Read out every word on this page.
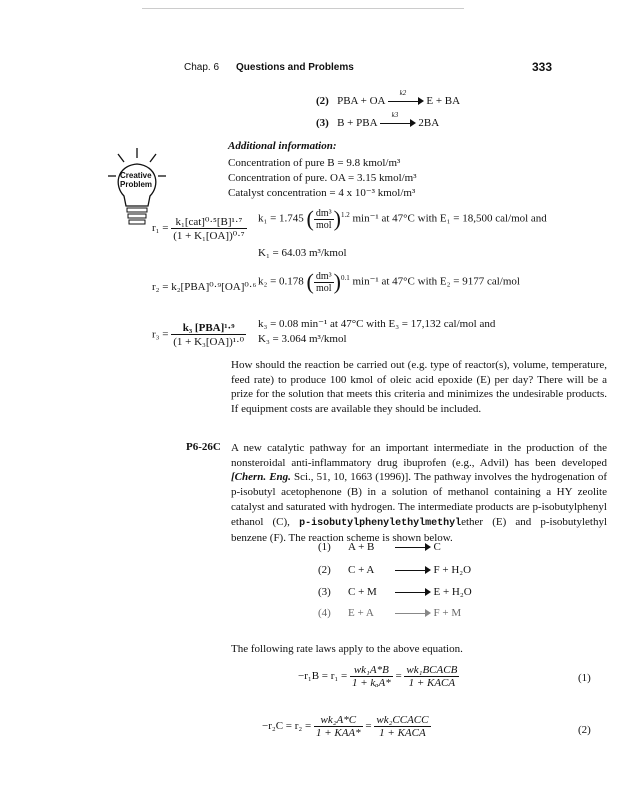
Chap. 6 Questions and Problems	333
(2) PBA + OA
k2
E + BA
(3) B + PBA
k3
2BA
Creative
Problem
Additional information:
Concentration of pure B = 9.8 kmol/m³
Concentration of pure. OA = 3.15 kmol/m³
Catalyst concentration = 4 x 10⁻³ kmol/m³
$r_1 = \frac{\text{k₁[cat]⁰·⁵[B]¹·⁷}}{\text{(1 + K₁[OA])⁰·⁷}} k_1 = 1.745$ ( $\frac{\text{dm³}}{\text{mol}} )^{1.2}$ min⁻¹ at 47°C with E₁ = 18,500 cal/mol and
K₁ = 64.03 m³/kmol
r₂ = k₂[PBA]⁰·⁹[OA]⁰·⁶ k₂ = 0.178 ( $\frac{\text{dm³}}{\text{mol}} )^{0.1}$ min⁻¹ at 47°C with E₂ = 9177 cal/mol
$r_3 = \frac{\text{k₃ [PBA]¹·⁹}}{\text{(1 + K₃[OA])¹·⁰}} k_3 = 0.08$ min⁻¹ at 47°C with E₃ = 17,132 cal/mol and
K₃ = 3.064 m³/kmol
How should the reaction be carried out (e.g. type of reactor(s), volume, temperature, feed rate) to produce 100 kmol of oleic acid epoxide (E) per day? There will be a prize for the solution that meets this criteria and minimizes the undesirable products. If equipment costs are available they should be included.
P6-26C A new catalytic pathway for an important intermediate in the production of the nonsteroidal anti-inflammatory drug ibuprofen (e.g., Advil) has been developed [Chern. Eng. Sci., 51, 10, 1663 (1996)]. The pathway involves the hydrogenation of p-isobutyl acetophenone (B) in a solution of methanol containing a HY zeolite catalyst and saturated with hydrogen. The intermediate products are p-isobutylphenyl ethanol (C), p-isobutylphenylethylmethylether (E) and p-isobutylethyl benzene (F). The reaction scheme is shown below.
(1) A + B	C
(2) C + A	F + H₂O
(3) C + M	E + H₂O
(4) E + A	F + M
The following rate laws apply to the above equation.
$-r_1B = r_1 = \frac{\text{wk₁A*B}}{\text{1 + kₐA*}} = \frac{\text{wk₁BCACB}}{\text{1 + KACA}}$	(1)
$-r_2C = r_2 = \frac{\text{wk₂A*C}}{\text{1 + KAA*}} = \frac{\text{wk₂CCACC}}{\text{1 + KACA}}$	(2)
